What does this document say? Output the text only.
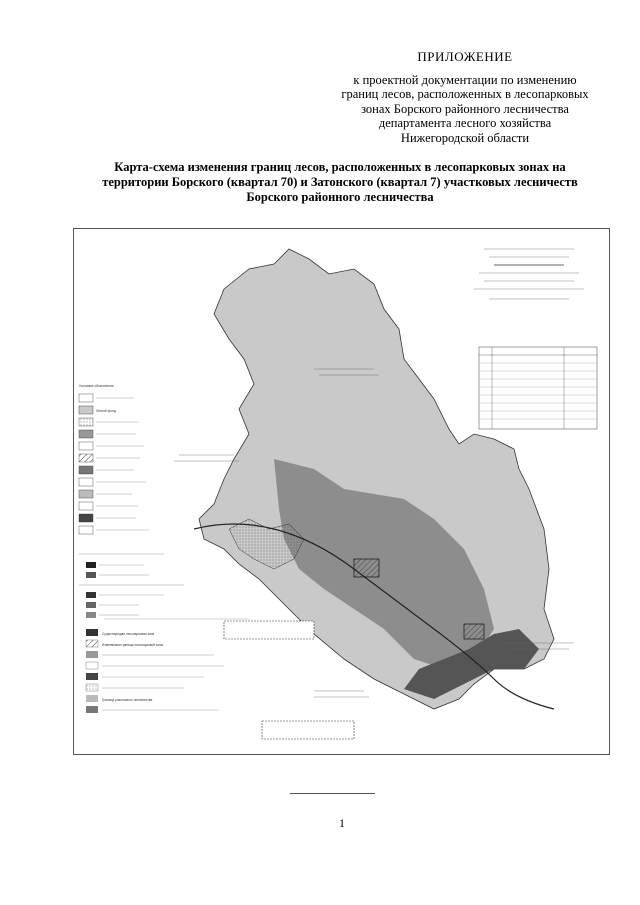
ПРИЛОЖЕНИЕ
к проектной документации по изменению
границ лесов, расположенных в лесопарковых
зонах Борского районного лесничества
департамента лесного хозяйства
Нижегородской области
Карта-схема изменения границ лесов, расположенных в лесопарковых зонах на
территории Борского (квартал 70) и Затонского (квартал 7) участковых лесничеств
Борского районного лесничества
Условные обозначения
Лесной фонд
Существующая лесопарковая зона
Изменяемая граница лесопарковой зоны
Граница участкового лесничества
1
